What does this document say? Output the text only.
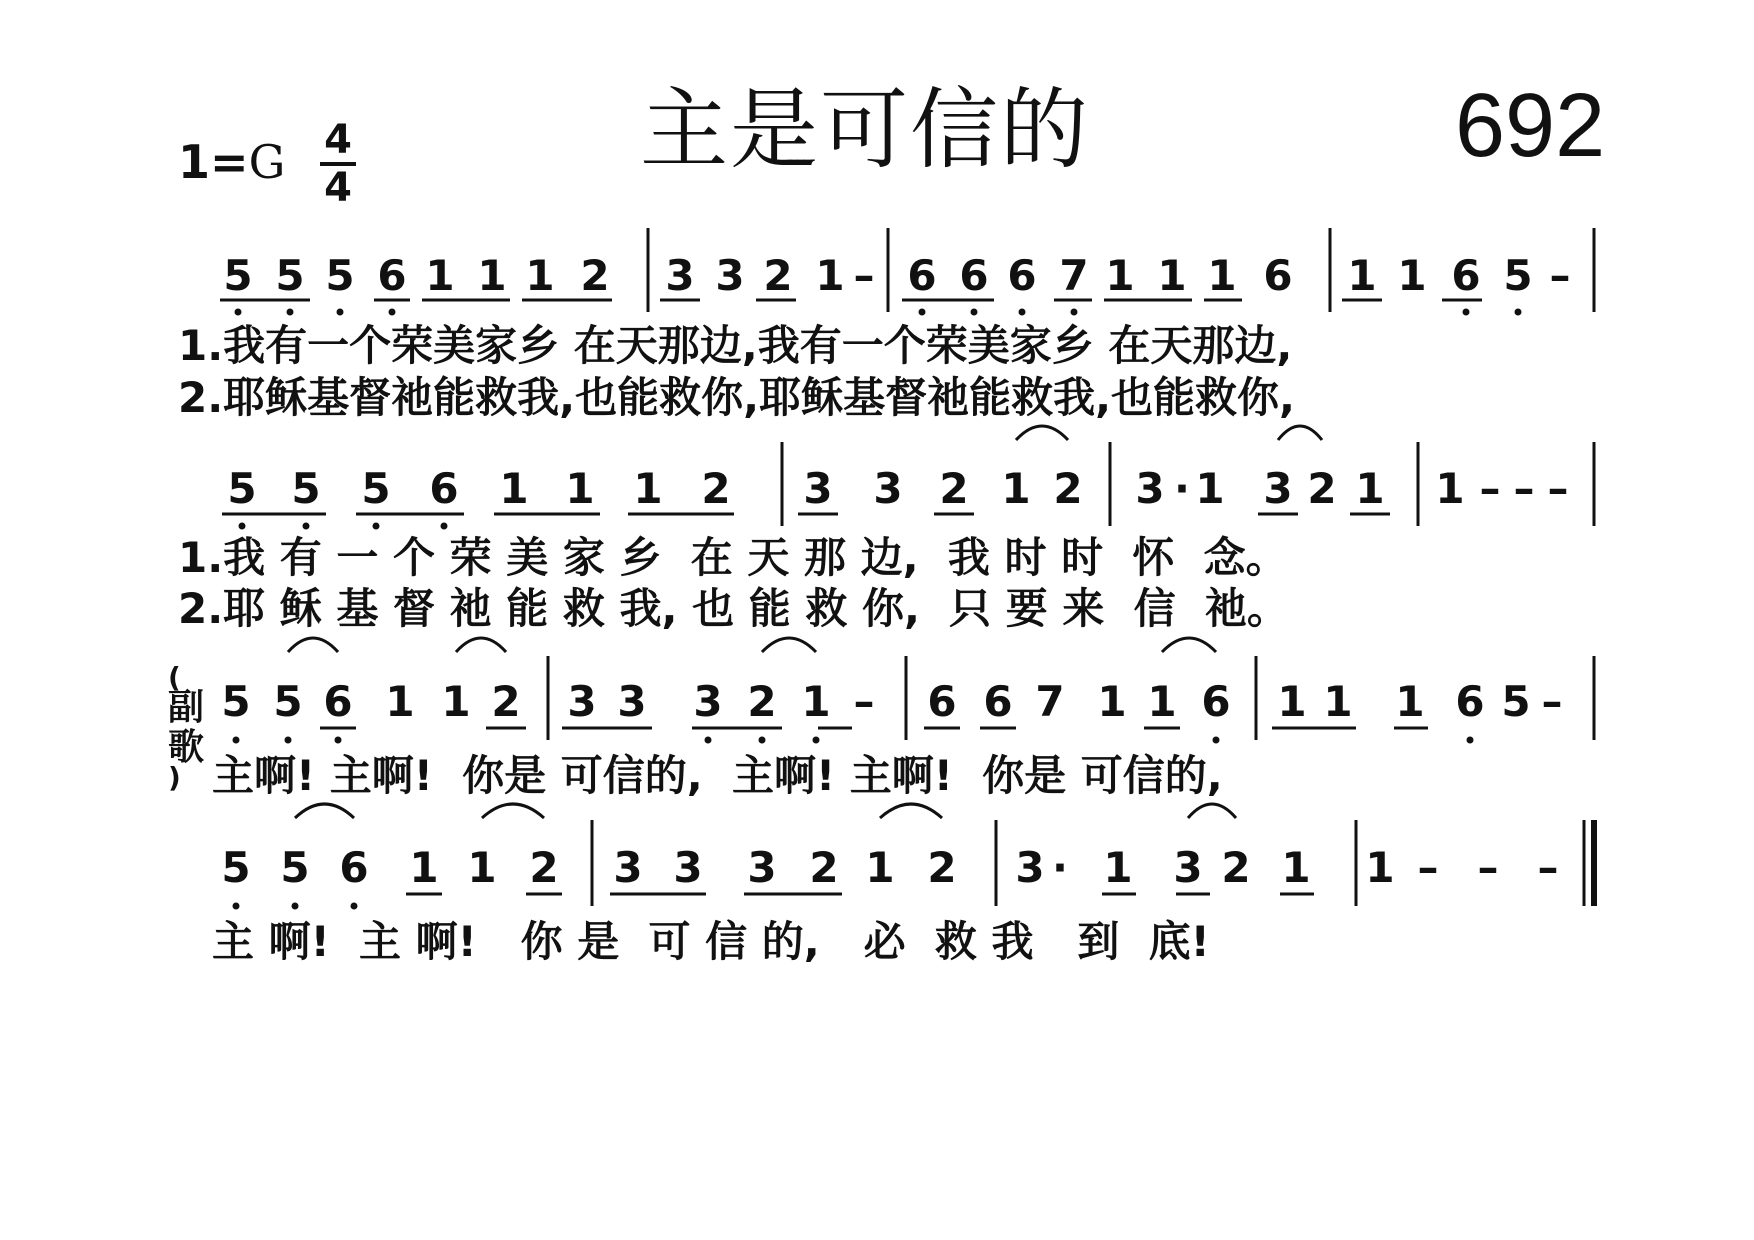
主是可信的	692
1=G 4
4
5 5 5 6 1 1 1 2 3 3 2 1 – 6 6 6 7 1 1 1 6 1 1 6 5 –
5 5 5 6 1 1 1 2 3 3 2 1 2 3 · 1 3 2 1 1 – – –
5 5 6 1 1 2 3 3 3 2 1 – 6 6 7 1 1 6 1 1 1 6 5 –
5 5 6 1 1 2 3 3 3 2 1 2 3 · 1 3 2 1 1 – – –
1.我有一个荣美家乡 在天那边,我有一个荣美家乡 在天那边,
2.耶稣基督祂能救我,也能救你,耶稣基督祂能救我,也能救你,
1.我 有 一 个 荣 美 家 乡  在 天 那 边,  我 时 时  怀  念。
2.耶 稣 基 督 祂 能 救 我, 也 能 救 你,  只 要 来  信  祂。
(
副
歌
) 主啊! 主啊!  你是 可信的,  主啊! 主啊!  你是 可信的,
主 啊!  主 啊!   你 是  可 信 的,   必  救 我   到  底!
